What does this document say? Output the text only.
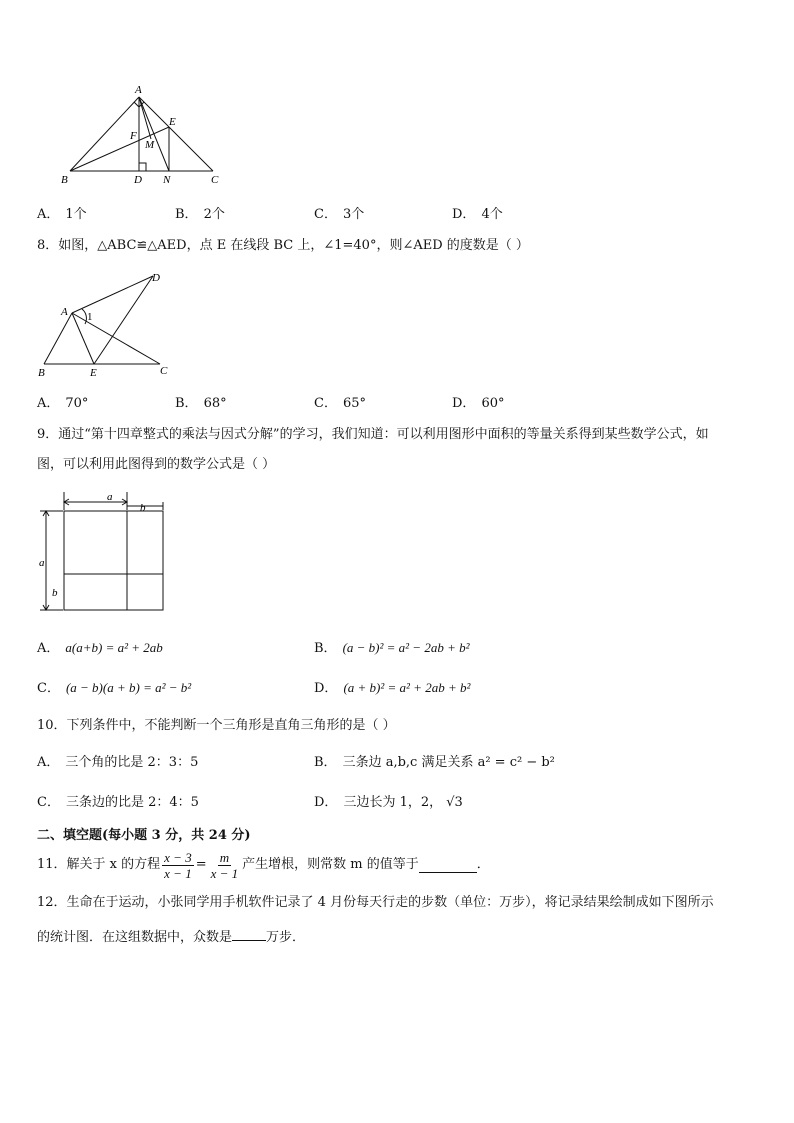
A
B	C
D
E
F
M
N
A． 1个	B． 2个	C． 3个	D． 4个
8．如图，△ABC≌△AED，点 E 在线段 BC 上，∠1=40°，则∠AED 的度数是（ ）
A
B	C
D
E
1
A． 70°	B． 68°	C． 65°	D． 60°
9．通过“第十四章整式的乘法与因式分解”的学习，我们知道：可以利用图形中面积的等量关系得到某些数学公式，如
图，可以利用此图得到的数学公式是（ ）
a
b
a
b
A． a(a+b) = a² + 2ab	B． (a − b)² = a² − 2ab + b²
C． (a − b)(a + b) = a² − b²	D． (a + b)² = a² + 2ab + b²
10．下列条件中，不能判断一个三角形是直角三角形的是（ ）
A． 三个角的比是 2：3：5	B． 三条边 a,b,c 满足关系 a² = c² − b²
C． 三条边的比是 2：4：5	D． 三边长为 1，2， √3
二、填空题(每小题 3 分，共 24 分)
11． 解关于 x 的方程 $\frac{x - 3}{x - 1} = \frac{m}{x - 1}$ 产生增根，则常数 m 的值等于	．
12．生命在于运动，小张同学用手机软件记录了 4 月份每天行走的步数（单位：万步），将记录结果绘制成如下图所示
的统计图．在这组数据中，众数是	万步．
